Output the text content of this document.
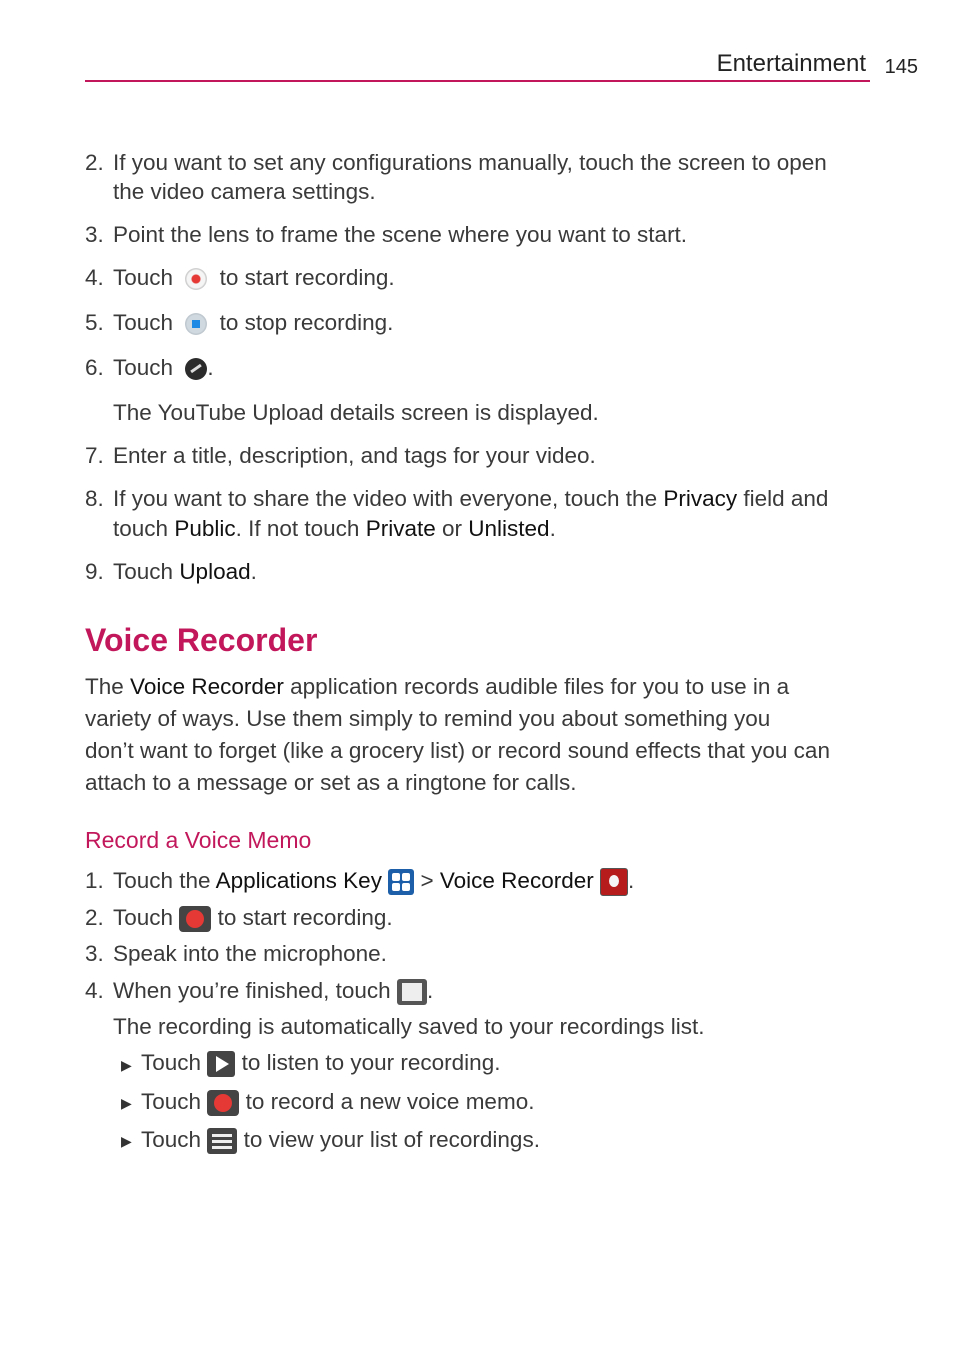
Entertainment 145
2. If you want to set any configurations manually, touch the screen to open
the video camera settings.
3. Point the lens to frame the scene where you want to start.
4. Touch to start recording.
5. Touch to stop recording.
6. Touch .
The YouTube Upload details screen is displayed.
7. Enter a title, description, and tags for your video.
8. If you want to share the video with everyone, touch the Privacy field and
touch Public. If not touch Private or Unlisted.
9. Touch Upload.
Voice Recorder
The Voice Recorder application records audible files for you to use in a
variety of ways. Use them simply to remind you about something you
don’t want to forget (like a grocery list) or record sound effects that you can
attach to a message or set as a ringtone for calls.
Record a Voice Memo
1. Touch the Applications Key > Voice Recorder .
2. Touch to start recording.
3. Speak into the microphone.
4. When you’re finished, touch .
The recording is automatically saved to your recordings list.
▶ Touch to listen to your recording.
▶ Touch to record a new voice memo.
▶ Touch to view your list of recordings.
